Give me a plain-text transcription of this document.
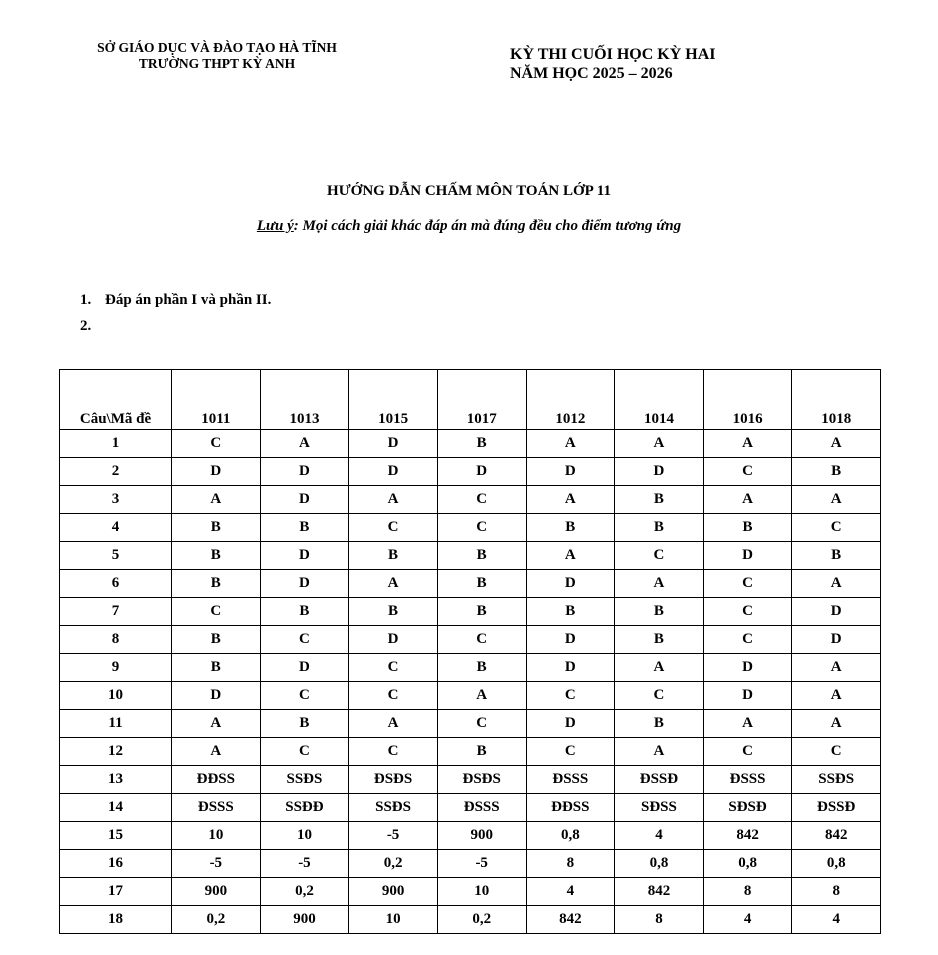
SỞ GIÁO DỤC VÀ ĐÀO TẠO HÀ TĨNH
TRƯỜNG THPT KỲ ANH
KỲ THI CUỐI HỌC KỲ HAI
NĂM HỌC 2025 – 2026
HƯỚNG DẪN CHẤM MÔN TOÁN LỚP 11
Lưu ý: Mọi cách giải khác đáp án mà đúng đều cho điểm tương ứng
1. Đáp án phần I và phần II.
2.
Câu\Mã đề	1011	1013	1015	1017	1012	1014	1016	1018
1	C	A	D	B	A	A	A	A
2	D	D	D	D	D	D	C	B
3	A	D	A	C	A	B	A	A
4	B	B	C	C	B	B	B	C
5	B	D	B	B	A	C	D	B
6	B	D	A	B	D	A	C	A
7	C	B	B	B	B	B	C	D
8	B	C	D	C	D	B	C	D
9	B	D	C	B	D	A	D	A
10	D	C	C	A	C	C	D	A
11	A	B	A	C	D	B	A	A
12	A	C	C	B	C	A	C	C
13	ĐĐSS	SSĐS	ĐSĐS	ĐSĐS	ĐSSS	ĐSSĐ	ĐSSS	SSĐS
14	ĐSSS	SSĐĐ	SSĐS	ĐSSS	ĐĐSS	SĐSS	SĐSĐ	ĐSSĐ
15	10	10	-5	900	0,8	4	842	842
16	-5	-5	0,2	-5	8	0,8	0,8	0,8
17	900	0,2	900	10	4	842	8	8
18	0,2	900	10	0,2	842	8	4	4
